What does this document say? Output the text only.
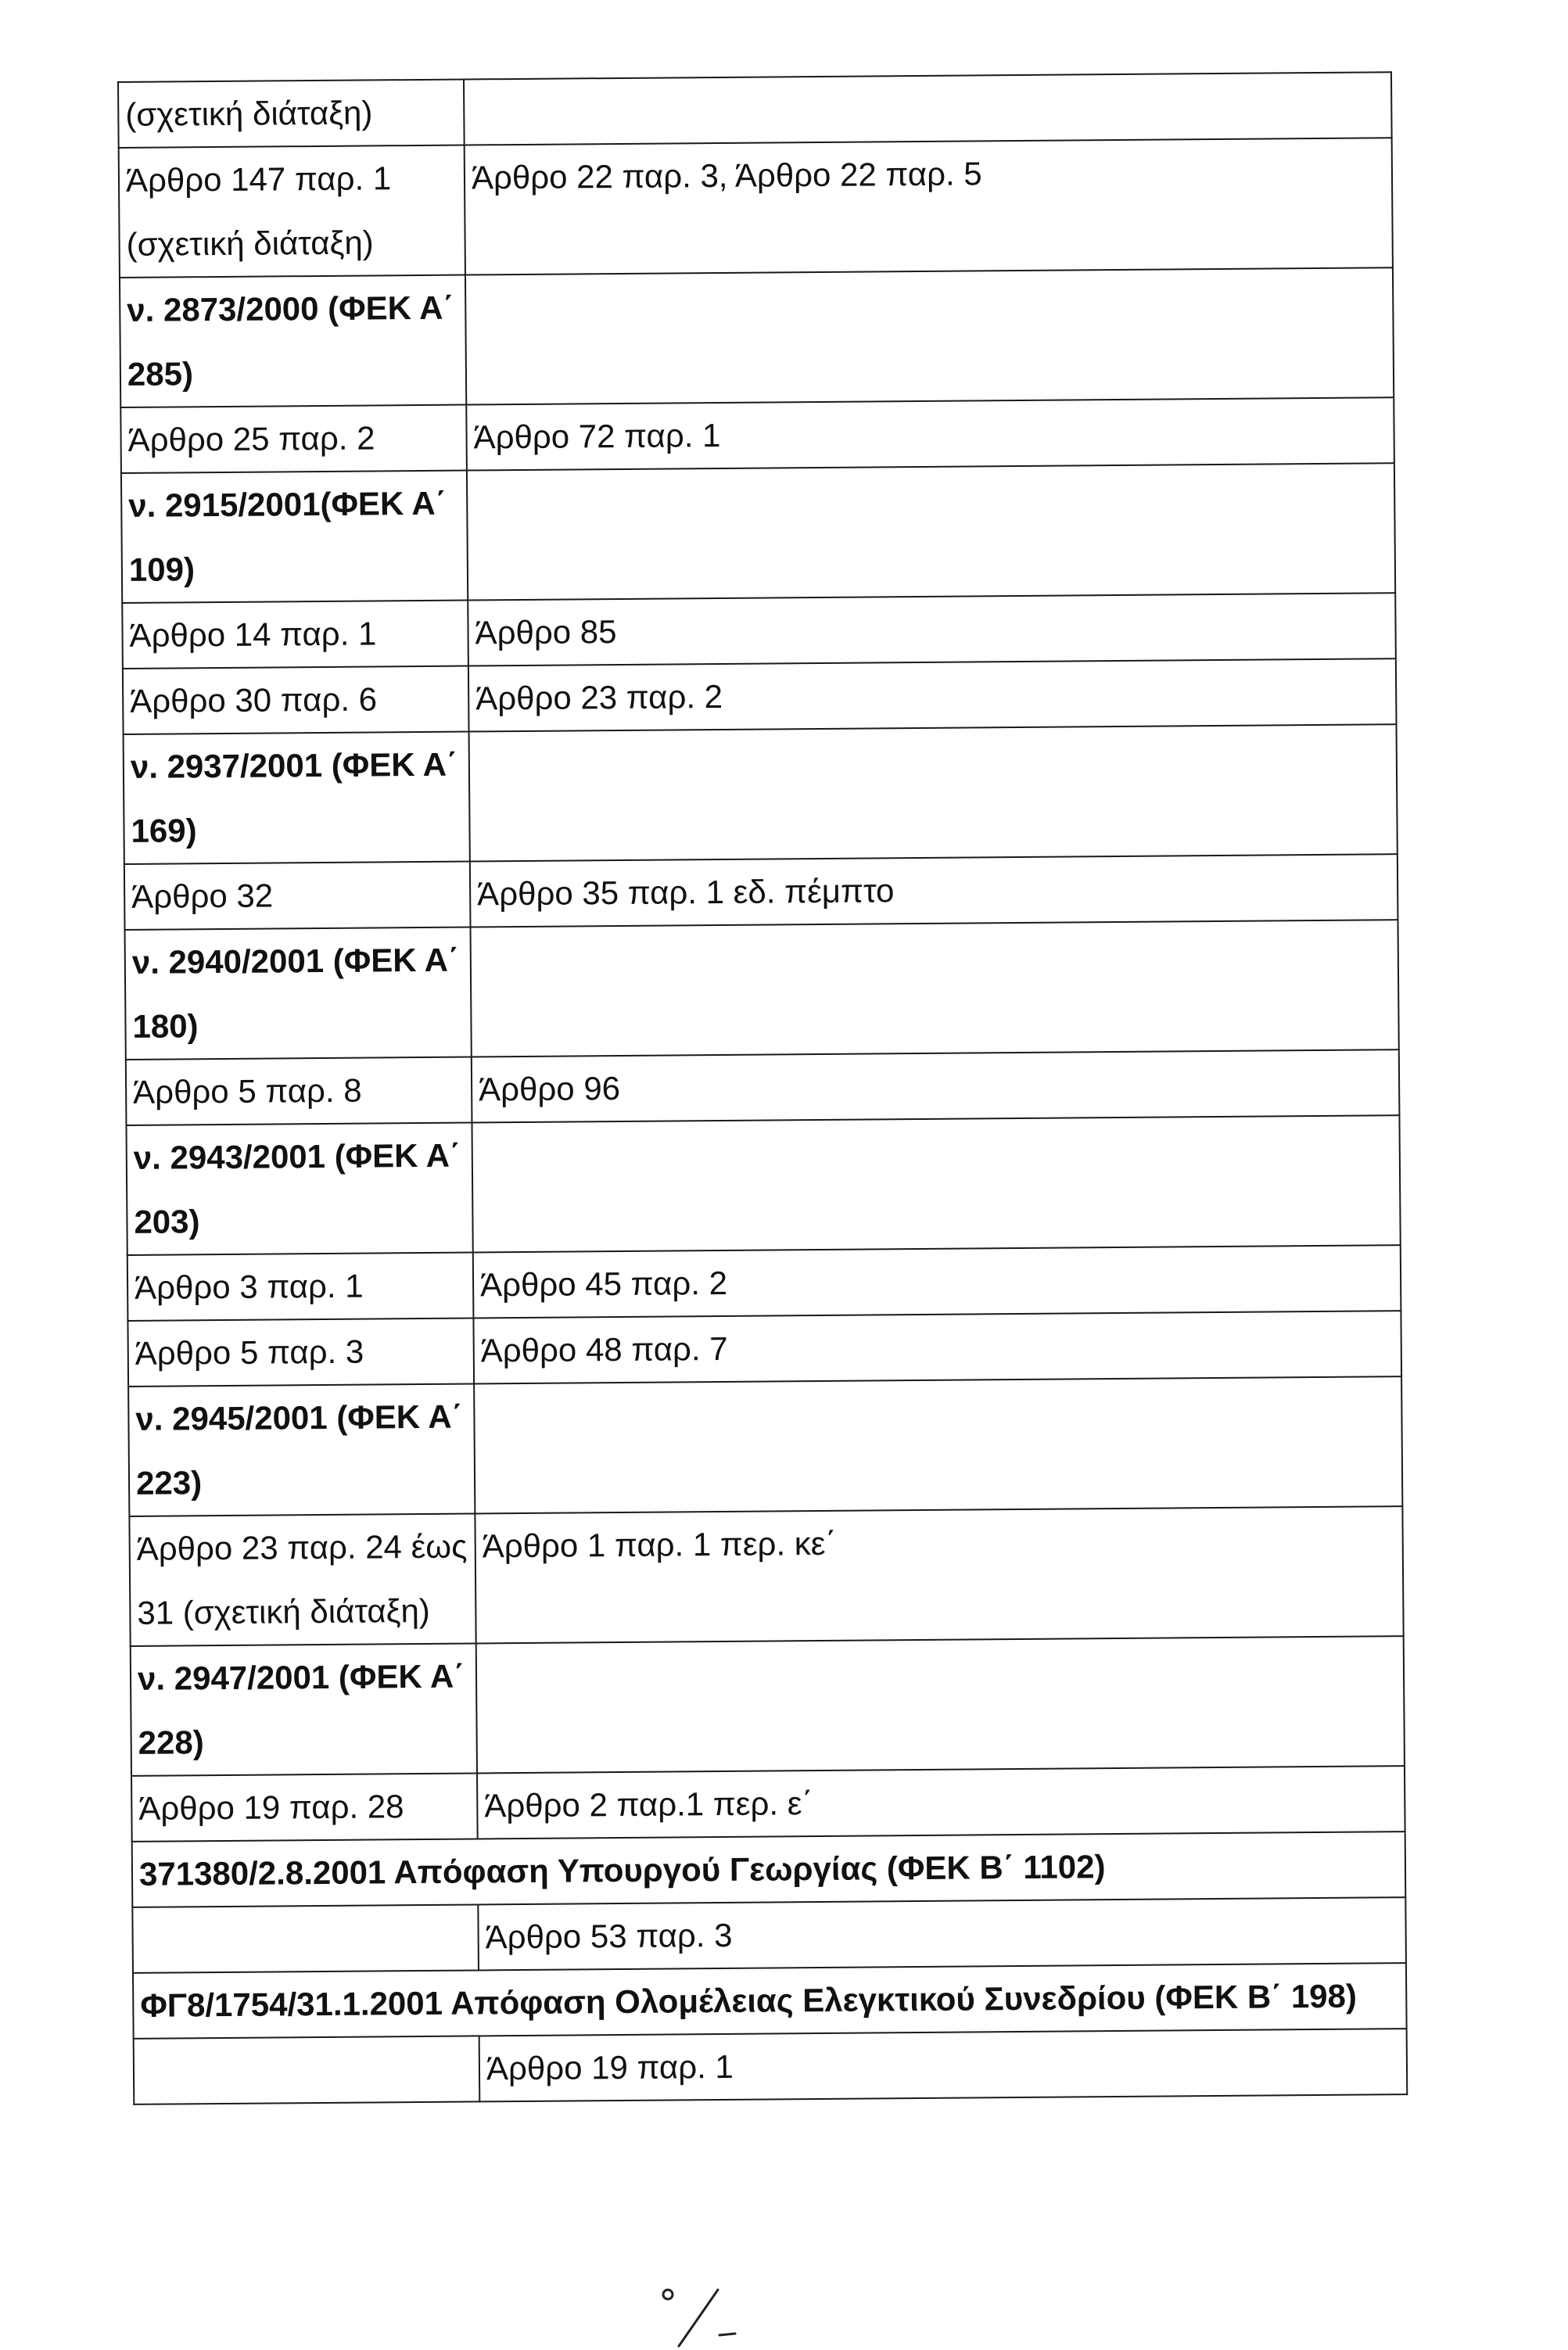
(σχετική διάταξη)	
Άρθρο 147 παρ. 1 (σχετική διάταξη)	Άρθρο 22 παρ. 3, Άρθρο 22 παρ. 5
ν. 2873/2000 (ΦΕΚ Α΄ 285)	
Άρθρο 25 παρ. 2	Άρθρο 72 παρ. 1
ν. 2915/2001(ΦΕΚ Α΄ 109)	
Άρθρο 14 παρ. 1	Άρθρο 85
Άρθρο 30 παρ. 6	Άρθρο 23 παρ. 2
ν. 2937/2001 (ΦΕΚ Α΄ 169)	
Άρθρο 32	Άρθρο 35 παρ. 1 εδ. πέμπτο
ν. 2940/2001 (ΦΕΚ Α΄ 180)	
Άρθρο 5 παρ. 8	Άρθρο 96
ν. 2943/2001 (ΦΕΚ Α΄ 203)	
Άρθρο 3 παρ. 1	Άρθρο 45 παρ. 2
Άρθρο 5 παρ. 3	Άρθρο 48 παρ. 7
ν. 2945/2001 (ΦΕΚ Α΄ 223)	
Άρθρο 23 παρ. 24 έως 31 (σχετική διάταξη)	Άρθρο 1 παρ. 1 περ. κε΄
ν. 2947/2001 (ΦΕΚ Α΄ 228)	
Άρθρο 19 παρ. 28	Άρθρο 2 παρ.1 περ. ε΄
371380/2.8.2001 Απόφαση Υπουργού Γεωργίας (ΦΕΚ Β΄ 1102)	
	Άρθρο 53 παρ. 3
ΦΓ8/1754/31.1.2001 Απόφαση Ολομέλειας Ελεγκτικού Συνεδρίου (ΦΕΚ Β΄ 198)	
	Άρθρο 19 παρ. 1
